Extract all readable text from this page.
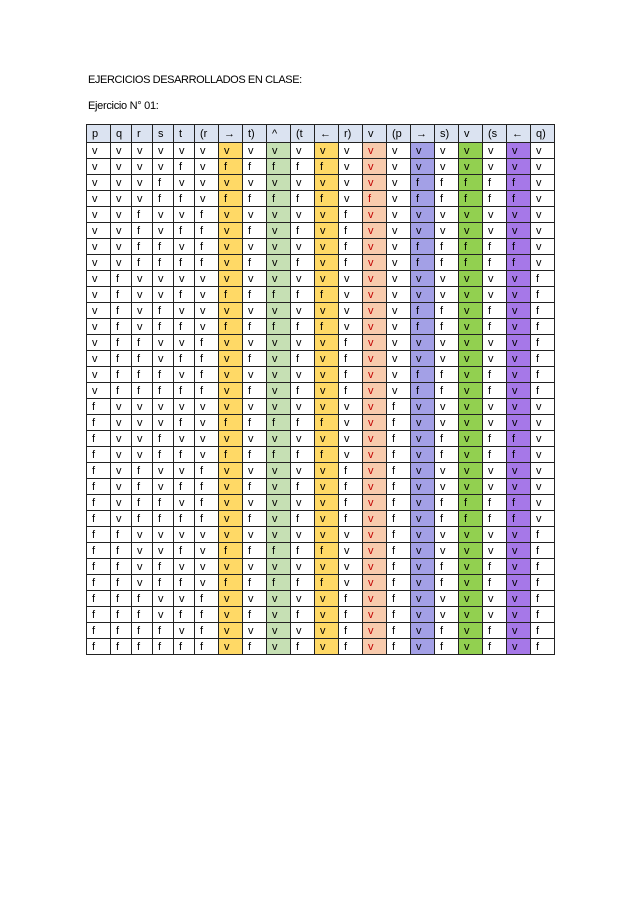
EJERCICIOS DESARROLLADOS EN CLASE:
Ejercicio N° 01:
p	q	r	s	t	(r	→	t)	^	(t	←	r)	v	(p	→	s)	v	(s	←	q)
v	v	v	v	v	v	v	v	v	v	v	v	v	v	v	v	v	v	v	v
v	v	v	v	f	v	f	f	f	f	f	v	v	v	v	v	v	v	v	v
v	v	v	f	v	v	v	v	v	v	v	v	v	v	f	f	f	f	f	v
v	v	v	f	f	v	f	f	f	f	f	v	f	v	f	f	f	f	f	v
v	v	f	v	v	f	v	v	v	v	v	f	v	v	v	v	v	v	v	v
v	v	f	v	f	f	v	f	v	f	v	f	v	v	v	v	v	v	v	v
v	v	f	f	v	f	v	v	v	v	v	f	v	v	f	f	f	f	f	v
v	v	f	f	f	f	v	f	v	f	v	f	v	v	f	f	f	f	f	v
v	f	v	v	v	v	v	v	v	v	v	v	v	v	v	v	v	v	v	f
v	f	v	v	f	v	f	f	f	f	f	v	v	v	v	v	v	v	v	f
v	f	v	f	v	v	v	v	v	v	v	v	v	v	f	f	v	f	v	f
v	f	v	f	f	v	f	f	f	f	f	v	v	v	f	f	v	f	v	f
v	f	f	v	v	f	v	v	v	v	v	f	v	v	v	v	v	v	v	f
v	f	f	v	f	f	v	f	v	f	v	f	v	v	v	v	v	v	v	f
v	f	f	f	v	f	v	v	v	v	v	f	v	v	f	f	v	f	v	f
v	f	f	f	f	f	v	f	v	f	v	f	v	v	f	f	v	f	v	f
f	v	v	v	v	v	v	v	v	v	v	v	v	f	v	v	v	v	v	v
f	v	v	v	f	v	f	f	f	f	f	v	v	f	v	v	v	v	v	v
f	v	v	f	v	v	v	v	v	v	v	v	v	f	v	f	v	f	f	v
f	v	v	f	f	v	f	f	f	f	f	v	v	f	v	f	v	f	f	v
f	v	f	v	v	f	v	v	v	v	v	f	v	f	v	v	v	v	v	v
f	v	f	v	f	f	v	f	v	f	v	f	v	f	v	v	v	v	v	v
f	v	f	f	v	f	v	v	v	v	v	f	v	f	v	f	f	f	f	v
f	v	f	f	f	f	v	f	v	f	v	f	v	f	v	f	f	f	f	v
f	f	v	v	v	v	v	v	v	v	v	v	v	f	v	v	v	v	v	f
f	f	v	v	f	v	f	f	f	f	f	v	v	f	v	v	v	v	v	f
f	f	v	f	v	v	v	v	v	v	v	v	v	f	v	f	v	f	v	f
f	f	v	f	f	v	f	f	f	f	f	v	v	f	v	f	v	f	v	f
f	f	f	v	v	f	v	v	v	v	v	f	v	f	v	v	v	v	v	f
f	f	f	v	f	f	v	f	v	f	v	f	v	f	v	v	v	v	v	f
f	f	f	f	v	f	v	v	v	v	v	f	v	f	v	f	v	f	v	f
f	f	f	f	f	f	v	f	v	f	v	f	v	f	v	f	v	f	v	f
